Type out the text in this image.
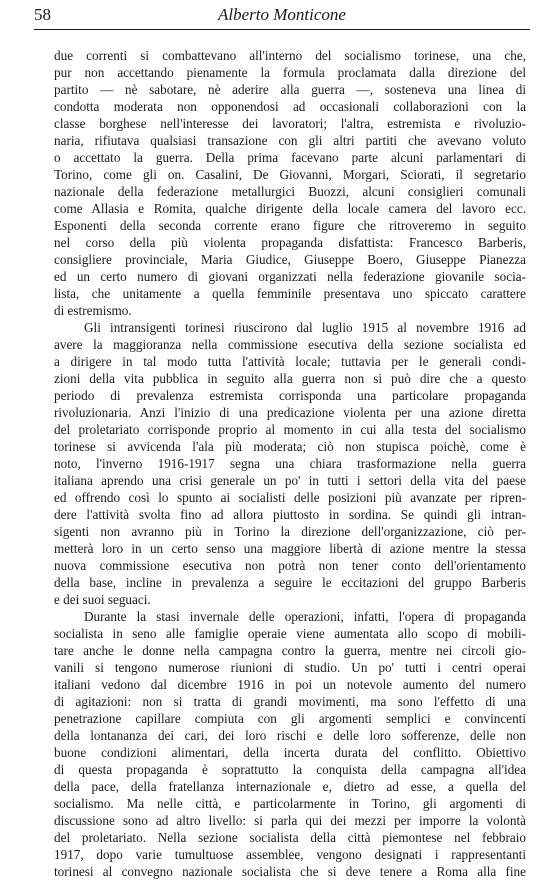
58	Alberto Monticone
due correnti si combattevano all'interno del socialismo torinese, una che,
pur non accettando pienamente la formula proclamata dalla direzione del
partito — nè sabotare, nè aderire alla guerra —, sosteneva una linea di
condotta moderata non opponendosi ad occasionali collaborazioni con la
classe borghese nell'interesse dei lavoratori; l'altra, estremista e rivoluzio-
naria, rifiutava qualsiasi transazione con gli altri partiti che avevano voluto
o accettato la guerra. Della prima facevano parte alcuni parlamentari di
Torino, come gli on. Casalini, De Giovanni, Morgari, Sciorati, il segretario
nazionale della federazione metallurgici Buozzi, alcuni consiglieri comunali
come Allasia e Romita, qualche dirigente della locale camera del lavoro ecc.
Esponenti della seconda corrente erano figure che ritroveremo in seguito
nel corso della più violenta propaganda disfattista: Francesco Barberis,
consigliere provinciale, Maria Giudice, Giuseppe Boero, Giuseppe Pianezza
ed un certo numero di giovani organizzati nella federazione giovanile socia-
lista, che unitamente a quella femminile presentava uno spiccato carattere
di estremismo.
Gli intransigenti torinesi riuscirono dal luglio 1915 al novembre 1916 ad
avere la maggioranza nella commissione esecutiva della sezione socialista ed
a dirigere in tal modo tutta l'attività locale; tuttavia per le generali condi-
zioni della vita pubblica in seguito alla guerra non si può dire che a questo
periodo di prevalenza estremista corrisponda una particolare propaganda
rivoluzionaria. Anzi l'inizio di una predicazione violenta per una azione diretta
del proletariato corrisponde proprio al momento in cui alla testa del socialismo
torinese si avvicenda l'ala più moderata; ciò non stupisca poichè, come è
noto, l'inverno 1916-1917 segna una chiara trasformazione nella guerra
italiana aprendo una crisi generale un po' in tutti i settori della vita del paese
ed offrendo così lo spunto ai socialisti delle posizioni più avanzate per ripren-
dere l'attività svolta fino ad allora piuttosto in sordina. Se quindi gli intran-
sigenti non avranno più in Torino la direzione dell'organizzazione, ciò per-
metterà loro in un certo senso una maggiore libertà di azione mentre la stessa
nuova commissione esecutiva non potrà non tener conto dell'orientamento
della base, incline in prevalenza a seguire le eccitazioni del gruppo Barberis
e dei suoi seguaci.
Durante la stasi invernale delle operazioni, infatti, l'opera di propaganda
socialista in seno alle famiglie operaie viene aumentata allo scopo di mobili-
tare anche le donne nella campagna contro la guerra, mentre nei circoli gio-
vanili si tengono numerose riunioni di studio. Un po' tutti i centri operai
italiani vedono dal dicembre 1916 in poi un notevole aumento del numero
di agitazioni: non si tratta di grandi movimenti, ma sono l'effetto di una
penetrazione capillare compiuta con gli argomenti semplici e convincenti
della lontananza dei cari, dei loro rischi e delle loro sofferenze, delle non
buone condizioni alimentari, della incerta durata del conflitto. Obiettivo
di questa propaganda è soprattutto la conquista della campagna all'idea
della pace, della fratellanza internazionale e, dietro ad esse, a quella del
socialismo. Ma nelle città, e particolarmente in Torino, gli argomenti di
discussione sono ad altro livello: si parla qui dei mezzi per imporre la volontà
del proletariato. Nella sezione socialista della città piemontese nel febbraio
1917, dopo varie tumultuose assemblee, vengono designati i rappresentanti
torinesi al convegno nazionale socialista che si deve tenere a Roma alla fine
